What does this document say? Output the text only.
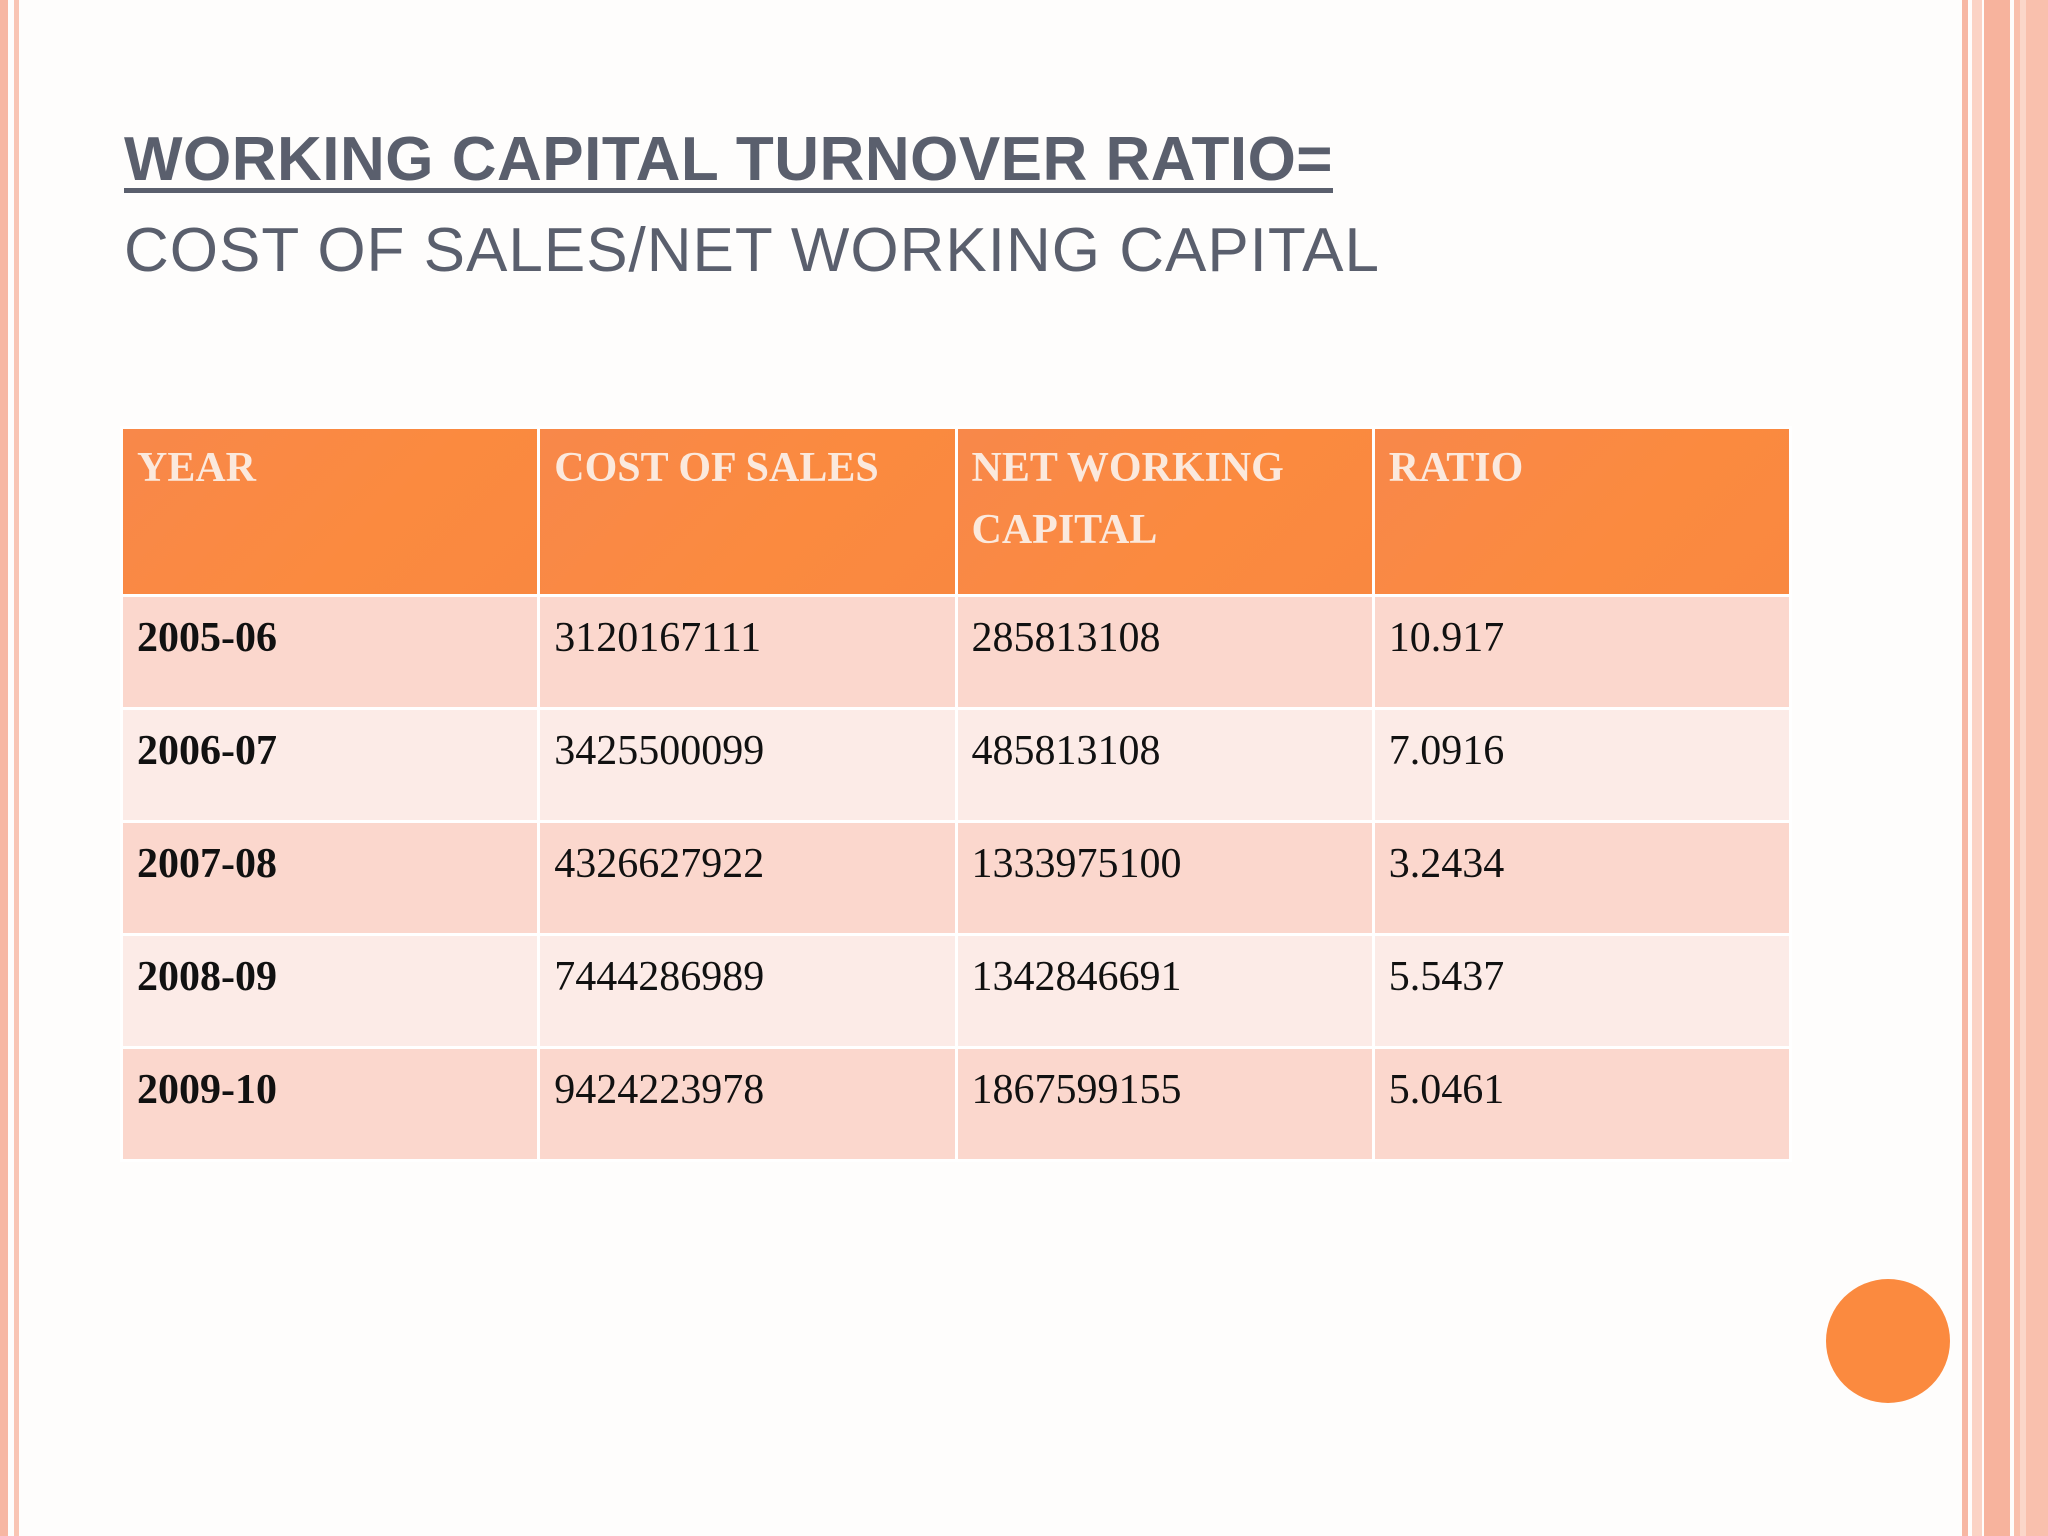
WORKING CAPITAL TURNOVER RATIO=
COST OF SALES/NET WORKING CAPITAL
YEAR	COST OF SALES	NET WORKING CAPITAL	RATIO
2005-06	3120167111	285813108	10.917
2006-07	3425500099	485813108	7.0916
2007-08	4326627922	1333975100	3.2434
2008-09	7444286989	1342846691	5.5437
2009-10	9424223978	1867599155	5.0461
